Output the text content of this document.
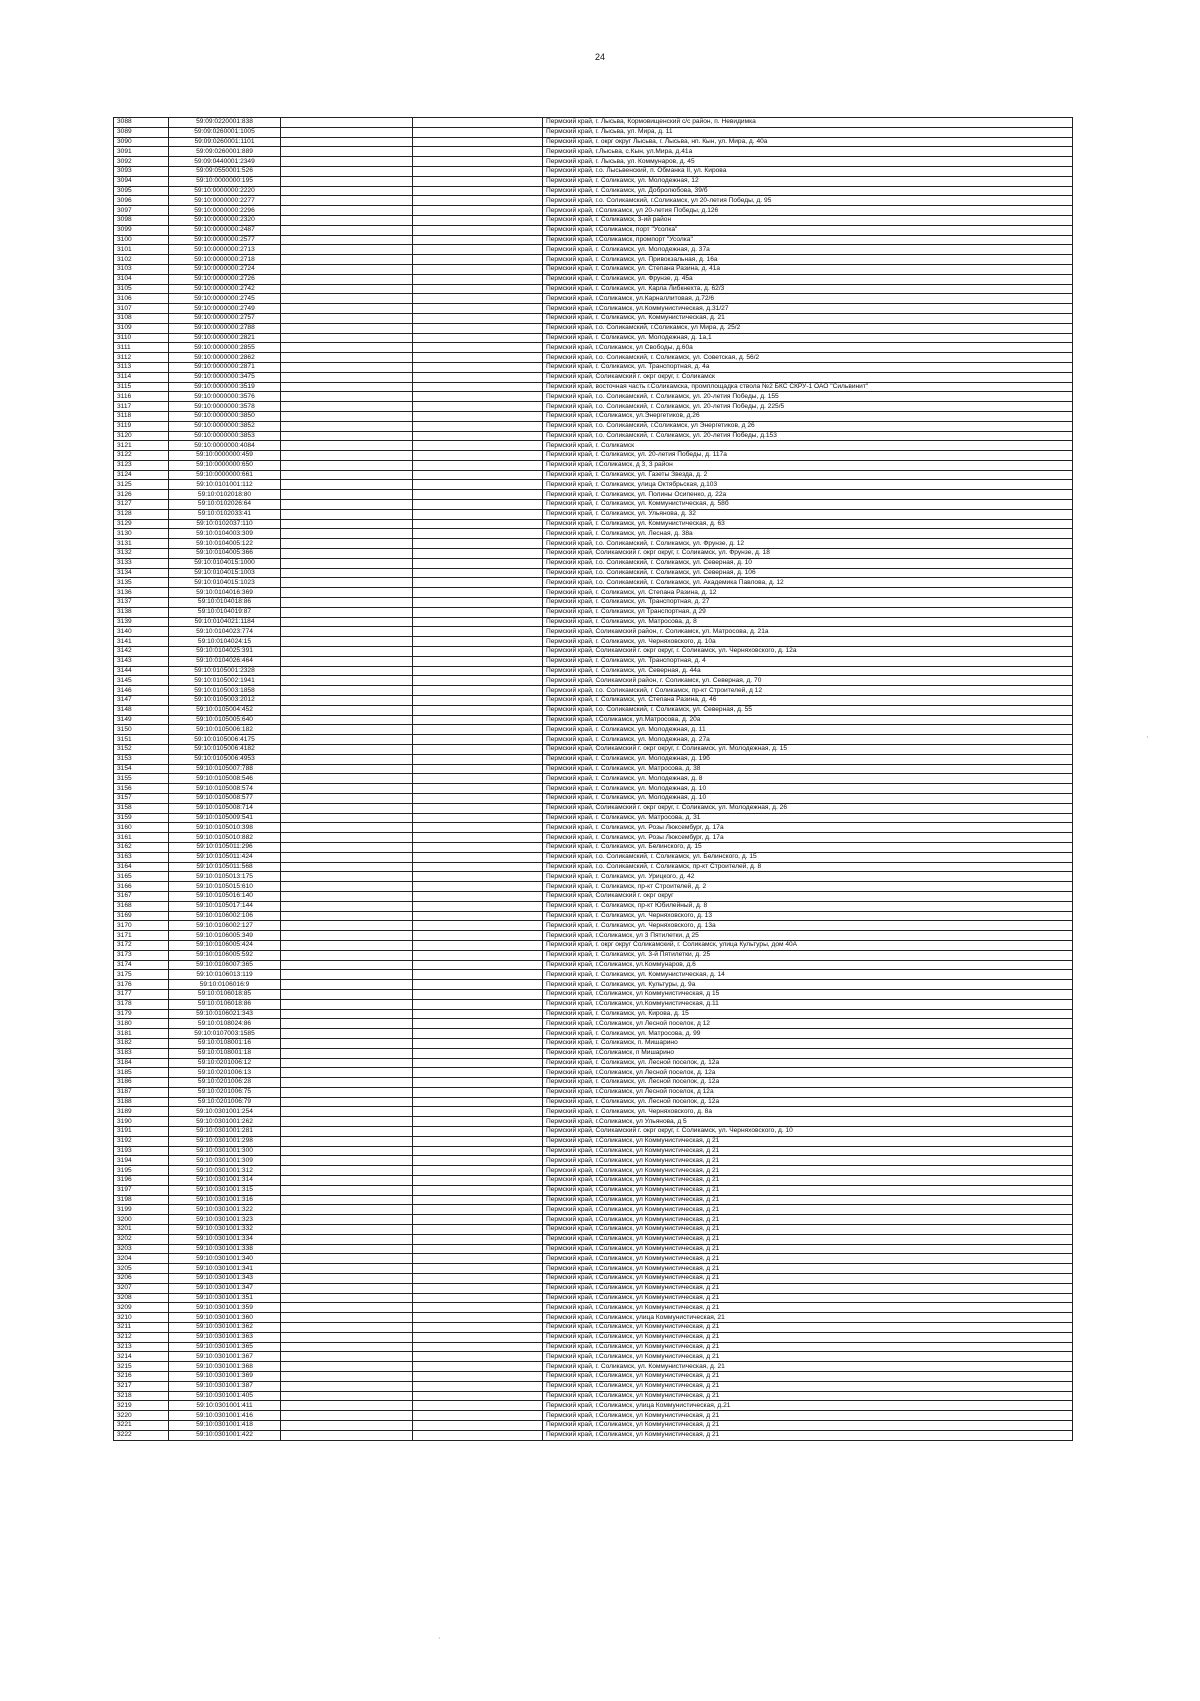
24
3088	59:09:0220001:838			Пермский край, г. Лысьва, Кормовищенский с/с район, п. Невидимка
3089	59:09:0260001:1005			Пермский край, г. Лысьва, ул. Мира, д. 11
3090	59:09:0260001:1101			Пермский край, г. окрг округ Лысьва, г. Лысьва, нп. Кын, ул. Мира, д. 40а
3091	59:09:0260001:889			Пермский край, г.Лысьва, с.Кын, ул.Мира, д.41а
3092	59:09:0440001:2349			Пермский край, г. Лысьва, ул. Коммунаров, д. 45
3093	59:09:0550001:526			Пермский край, г.о. Лысьвенский, п. Обманка II, ул. Кирова
3094	59:10:0000000:195			Пермский край, г. Соликамск, ул. Молодежная, 12
3095	59:10:0000000:2220			Пермский край, г. Соликамск, ул. Добролюбова, 39/б
3096	59:10:0000000:2277			Пермский край, г.о. Соликамский, г.Соликамск, ул 20-летия Победы, д. 95
3097	59:10:0000000:2296			Пермский край, г.Соликамск, ул 20-летия Победы, д.126
3098	59:10:0000000:2320			Пермский край, г. Соликамск, 3-ий район
3099	59:10:0000000:2487			Пермский край, г.Соликамск, порт "Усолка"
3100	59:10:0000000:2577			Пермский край, г.Соликамск, промпорт "Усолка"
3101	59:10:0000000:2713			Пермский край, г. Соликамск, ул. Молодежная, д. 37а
3102	59:10:0000000:2718			Пермский край, г. Соликамск, ул. Привокзальная, д. 16а
3103	59:10:0000000:2724			Пермский край, г. Соликамск, ул. Степана Разина, д. 41а
3104	59:10:0000000:2726			Пермский край, г. Соликамск, ул. Фрунзе, д. 45а
3105	59:10:0000000:2742			Пермский край, г. Соликамск, ул. Карла Либкнехта, д. 62/3
3106	59:10:0000000:2745			Пермский край, г.Соликамск, ул.Карналлитовая, д.72/6
3107	59:10:0000000:2749			Пермский край, г.Соликамск, ул.Коммунистическая, д.31/27
3108	59:10:0000000:2757			Пермский край, г. Соликамск, ул. Коммунистическая, д. 21
3109	59:10:0000000:2788			Пермский край, г.о. Соликамский, г.Соликамск, ул Мира, д. 25/2
3110	59:10:0000000:2821			Пермский край, г. Соликамск, ул. Молодежная, д. 1а,1
3111	59:10:0000000:2855			Пермский край, г.Соликамск, ул Свободы, д.60а
3112	59:10:0000000:2862			Пермский край, г.о. Соликамский, г. Соликамск, ул. Советская, д. 56/2
3113	59:10:0000000:2871			Пермский край, г. Соликамск, ул. Транспортная, д. 4а
3114	59:10:0000000:3475			Пермский край, Соликамский г. окрг округ, г. Соликамск
3115	59:10:0000000:3519			Пермский край, восточная часть г.Соликамска, промплощадка ствола №2 БКС СКРУ-1 ОАО "Сильвинит"
3116	59:10:0000000:3576			Пермский край, г.о. Соликамский, г. Соликамск, ул. 20-летия Победы, д. 155
3117	59:10:0000000:3578			Пермский край, г.о. Соликамский, г. Соликамск, ул. 20-летия Победы, д. 225/5
3118	59:10:0000000:3850			Пермский край, г.Соликамск, ул.Энергетиков, д.26
3119	59:10:0000000:3852			Пермский край, г.о. Соликамский, г.Соликамск, ул Энергетиков, д 26
3120	59:10:0000000:3853			Пермский край, г.о. Соликамский, г. Соликамск, ул. 20-летия Победы, д.153
3121	59:10:0000000:4084			Пермский край, г. Соликамск
3122	59:10:0000000:459			Пермский край, г. Соликамск, ул. 20-летия Победы, д. 117а
3123	59:10:0000000:650			Пермский край, г.Соликамск, д 3, 3 район
3124	59:10:0000000:661			Пермский край, г. Соликамск, ул. Газеты Звезда, д. 2
3125	59:10:0101001:112			Пермский край, г. Соликамск, улица Октябрьская, д.103
3126	59:10:0102018:80			Пермский край, г. Соликамск, ул. Полины Осипенко, д. 22а
3127	59:10:0102026:64			Пермский край, г. Соликамск, ул. Коммунистическая, д. 58б
3128	59:10:0102033:41			Пермский край, г. Соликамск, ул. Ульянова, д. 32
3129	59:10:0102037:110			Пермский край, г. Соликамск, ул. Коммунистическая, д. 63
3130	59:10:0104003:309			Пермский край, г. Соликамск, ул. Лесная, д. 38а
3131	59:10:0104005:122			Пермский край, г.о. Соликамский, г. Соликамск, ул. Фрунзе, д. 12
3132	59:10:0104005:366			Пермский край, Соликамский г. окрг округ, г. Соликамск, ул. Фрунзе, д. 18
3133	59:10:0104015:1000			Пермский край, г.о. Соликамский, г. Соликамск, ул. Северная, д. 10
3134	59:10:0104015:1003			Пермский край, г.о. Соликамский, г. Соликамск, ул. Северная, д. 106
3135	59:10:0104015:1023			Пермский край, г.о. Соликамский, г. Соликамск, ул. Академика Павлова, д. 12
3136	59:10:0104016:369			Пермский край, г. Соликамск, ул. Степана Разина, д. 12
3137	59:10:0104018:86			Пермский край, г. Соликамск, ул. Транспортная, д. 27
3138	59:10:0104019:87			Пермский край, г. Соликамск, ул Транспортная, д 29
3139	59:10:0104021:1184			Пермский край, г. Соликамск, ул. Матросова, д. 8
3140	59:10:0104023:774			Пермский край, Соликамский район, г. Соликамск, ул. Матросова, д. 21а
3141	59:10:0104024:15			Пермский край, г. Соликамск, ул. Черняховского, д. 10а
3142	59:10:0104025:391			Пермский край, Соликамский г. окрг округ, г. Соликамск, ул. Черняховского, д. 12а
3143	59:10:0104026:464			Пермский край, г. Соликамск, ул. Транспортная, д. 4
3144	59:10:0105001:2328			Пермский край, г. Соликамск, ул. Северная, д. 44а
3145	59:10:0105002:1941			Пермский край, Соликамский район, г. Соликамск, ул. Северная, д. 70
3146	59:10:0105003:1858			Пермский край, г.о. Соликамский, г Соликамск, пр-кт Строителей, д 12
3147	59:10:0105003:2012			Пермский край, г. Соликамск, ул. Степана Разина, д. 46
3148	59:10:0105004:452			Пермский край, г.о. Соликамский, г. Соликамск, ул. Северная, д. 55
3149	59:10:0105005:640			Пермский край, г.Соликамск, ул.Матросова, д. 20а
3150	59:10:0105006:182			Пермский край, г. Соликамск, ул. Молодежная, д. 11
3151	59:10:0105006:4175			Пермский край, г. Соликамск, ул. Молодежная, д. 27а
3152	59:10:0105006:4182			Пермский край, Соликамский г. окрг округ, г. Соликамск, ул. Молодежная, д. 15
3153	59:10:0105006:4953			Пермский край, г. Соликамск, ул. Молодежная, д. 19б
3154	59:10:0105007:788			Пермский край, г. Соликамск, ул. Матросова, д. 38
3155	59:10:0105008:546			Пермский край, г. Соликамск, ул. Молодежная, д. 8
3156	59:10:0105008:574			Пермский край, г. Соликамск, ул. Молодежная, д. 10
3157	59:10:0105008:577			Пермский край, г. Соликамск, ул. Молодежная, д. 10
3158	59:10:0105008:714			Пермский край, Соликамский г. окрг округ, г. Соликамск, ул. Молодежная, д. 26
3159	59:10:0105009:541			Пермский край, г. Соликамск, ул. Матросова, д. 31
3160	59:10:0105010:398			Пермский край, г. Соликамск, ул. Розы Люксембург, д. 17а
3161	59:10:0105010:882			Пермский край, г. Соликамск, ул. Розы Люксембург, д. 17а
3162	59:10:0105011:296			Пермский край, г. Соликамск, ул. Белинского, д. 15
3163	59:10:0105011:424			Пермский край, г.о. Соликамский, г. Соликамск, ул. Белинского, д. 15
3164	59:10:0105011:568			Пермский край, г.о. Соликамский, г. Соликамск, пр-кт Строителей, д. 8
3165	59:10:0105013:175			Пермский край, г. Соликамск, ул. Урицкого, д. 42
3166	59:10:0105015:610			Пермский край, г. Соликамск, пр-кт Строителей, д. 2
3167	59:10:0105016:140			Пермский край, Соликамский г. окрг округ
3168	59:10:0105017:144			Пермский край, г. Соликамск, пр-кт Юбилейный, д. 8
3169	59:10:0106002:106			Пермский край, г. Соликамск, ул. Черняховского, д. 13
3170	59:10:0106002:127			Пермский край, г. Соликамск, ул. Черняховского, д. 13а
3171	59:10:0106005:349			Пермский край, г.Соликамск, ул 3 Пятилетки, д 25
3172	59:10:0106005:424			Пермский край, г. окрг округ Соликамский, г. Соликамск, улица Культуры, дом 40А
3173	59:10:0106005:592			Пермский край, г. Соликамск, ул. 3-й Пятилетки, д. 25
3174	59:10:0106007:365			Пермский край, г.Соликамск, ул.Коммунаров, д.6
3175	59:10:0106013:119			Пермский край, г. Соликамск, ул. Коммунистическая, д. 14
3176	59:10:0106016:9			Пермский край, г. Соликамск, ул. Культуры, д. 9а
3177	59:10:0106018:85			Пермский край, г.Соликамск, ул Коммунистическая, д 15
3178	59:10:0106018:86			Пермский край, г.Соликамск, ул.Коммунистическая, д.11
3179	59:10:0106021:343			Пермский край, г. Соликамск, ул. Кирова, д. 15
3180	59:10:0108024:86			Пермский край, г.Соликамск, ул Лесной поселок, д 12
3181	59:10:0107003:1585			Пермский край, г. Соликамск, ул. Матросова, д. 99
3182	59:10:0108001:16			Пермский край, г. Соликамск, п. Мишарино
3183	59:10:0108001:18			Пермский край, г.Соликамск, п Мишарино
3184	59:10:0201006:12			Пермский край, г. Соликамск, ул. Лесной поселок, д. 12а
3185	59:10:0201006:13			Пермский край, г.Соликамск, ул Лесной поселок, д. 12а
3186	59:10:0201006:28			Пермский край, г. Соликамск, ул. Лесной поселок, д. 12а
3187	59:10:0201006:75			Пермский край, г.Соликамск, ул Лесной поселок, д 12а
3188	59:10:0201006:79			Пермский край, г. Соликамск, ул. Лесной поселок, д. 12а
3189	59:10:0301001:254			Пермский край, г. Соликамск, ул. Черняховского, д. 8а
3190	59:10:0301001:262			Пермский край, г.Соликамск, ул Ульянова, д 5
3191	59:10:0301001:281			Пермский край, Соликамский г. окрг округ, г. Соликамск, ул. Черняховского, д. 10
3192	59:10:0301001:298			Пермский край, г.Соликамск, ул Коммунистическая, д 21
3193	59:10:0301001:300			Пермский край, г.Соликамск, ул Коммунистическая, д 21
3194	59:10:0301001:309			Пермский край, г.Соликамск, ул Коммунистическая, д 21
3195	59:10:0301001:312			Пермский край, г.Соликамск, ул Коммунистическая, д 21
3196	59:10:0301001:314			Пермский край, г.Соликамск, ул Коммунистическая, д 21
3197	59:10:0301001:315			Пермский край, г.Соликамск, ул Коммунистическая, д 21
3198	59:10:0301001:316			Пермский край, г.Соликамск, ул Коммунистическая, д 21
3199	59:10:0301001:322			Пермский край, г.Соликамск, ул Коммунистическая, д 21
3200	59:10:0301001:323			Пермский край, г.Соликамск, ул Коммунистическая, д 21
3201	59:10:0301001:332			Пермский край, г.Соликамск, ул Коммунистическая, д 21
3202	59:10:0301001:334			Пермский край, г.Соликамск, ул Коммунистическая, д 21
3203	59:10:0301001:338			Пермский край, г.Соликамск, ул Коммунистическая, д 21
3204	59:10:0301001:340			Пермский край, г.Соликамск, ул Коммунистическая, д 21
3205	59:10:0301001:341			Пермский край, г.Соликамск, ул Коммунистическая, д 21
3206	59:10:0301001:343			Пермский край, г.Соликамск, ул Коммунистическая, д 21
3207	59:10:0301001:347			Пермский край, г.Соликамск, ул Коммунистическая, д 21
3208	59:10:0301001:351			Пермский край, г.Соликамск, ул Коммунистическая, д 21
3209	59:10:0301001:359			Пермский край, г.Соликамск, ул Коммунистическая, д 21
3210	59:10:0301001:360			Пермский край, г.Соликамск, улица Коммунистическая, 21
3211	59:10:0301001:362			Пермский край, г.Соликамск, ул Коммунистическая, д 21
3212	59:10:0301001:363			Пермский край, г.Соликамск, ул Коммунистическая, д 21
3213	59:10:0301001:365			Пермский край, г.Соликамск, ул Коммунистическая, д 21
3214	59:10:0301001:367			Пермский край, г.Соликамск, ул Коммунистическая, д 21
3215	59:10:0301001:368			Пермский край, г. Соликамск, ул. Коммунистическая, д. 21
3216	59:10:0301001:369			Пермский край, г.Соликамск, ул Коммунистическая, д 21
3217	59:10:0301001:387			Пермский край, г.Соликамск, ул Коммунистическая, д 21
3218	59:10:0301001:405			Пермский край, г.Соликамск, ул Коммунистическая, д 21
3219	59:10:0301001:411			Пермский край, г.Соликамск, улица Коммунистическая, д.21
3220	59:10:0301001:416			Пермский край, г.Соликамск, ул Коммунистическая, д 21
3221	59:10:0301001:418			Пермский край, г.Соликамск, ул Коммунистическая, д 21
3222	59:10:0301001:422			Пермский край, г.Соликамск, ул Коммунистическая, д 21
·
·
